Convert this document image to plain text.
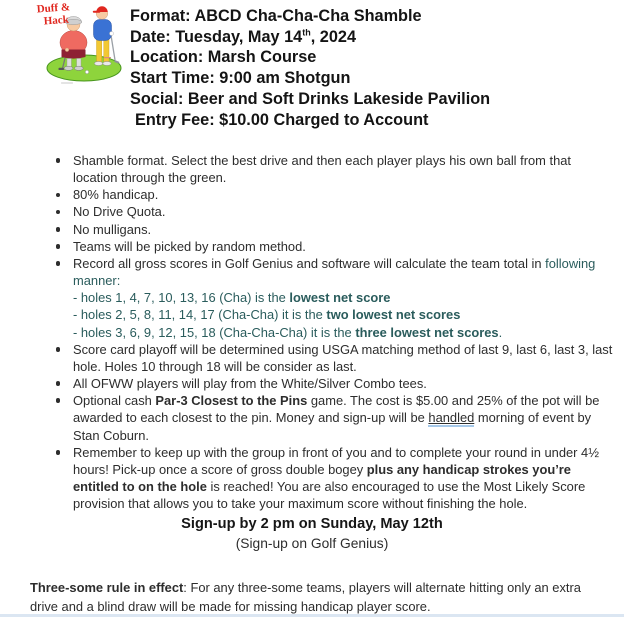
Duff &
Hack	Format: ABCD Cha-Cha-Cha Shamble
Date: Tuesday, May 14th, 2024
Location: Marsh Course
Start Time: 9:00 am Shotgun
Social: Beer and Soft Drinks Lakeside Pavilion
Entry Fee: $10.00 Charged to Account
Shamble format. Select the best drive and then each player plays his own ball from that
location through the green.
80% handicap.
No Drive Quota.
No mulligans.
Teams will be picked by random method.
Record all gross scores in Golf Genius and software will calculate the team total in following
manner:
- holes 1, 4, 7, 10, 13, 16 (Cha) is the lowest net score
- holes 2, 5, 8, 11, 14, 17 (Cha-Cha) it is the two lowest net scores
- holes 3, 6, 9, 12, 15, 18 (Cha-Cha-Cha) it is the three lowest net scores.
Score card playoff will be determined using USGA matching method of last 9, last 6, last 3, last
hole. Holes 10 through 18 will be consider as last.
All OFWW players will play from the White/Silver Combo tees.
Optional cash Par-3 Closest to the Pins game. The cost is $5.00 and 25% of the pot will be
awarded to each closest to the pin. Money and sign-up will be handled morning of event by
Stan Coburn.
Remember to keep up with the group in front of you and to complete your round in under 4½
hours! Pick-up once a score of gross double bogey plus any handicap strokes you’re
entitled to on the hole is reached! You are also encouraged to use the Most Likely Score
provision that allows you to take your maximum score without finishing the hole.
Sign-up by 2 pm on Sunday, May 12th
(Sign-up on Golf Genius)
Three-some rule in effect: For any three-some teams, players will alternate hitting only an extra
drive and a blind draw will be made for missing handicap player score.
